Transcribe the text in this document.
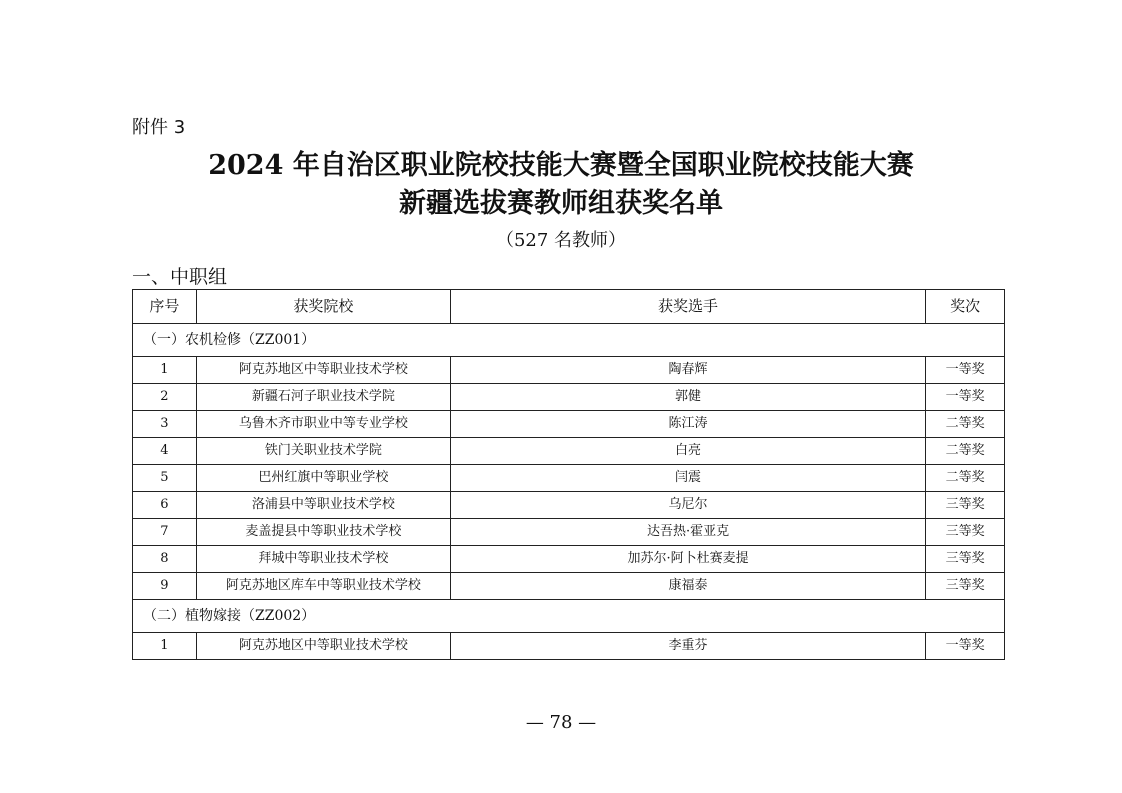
附件 3
2024 年自治区职业院校技能大赛暨全国职业院校技能大赛
新疆选拔赛教师组获奖名单
（527 名教师）
一、中职组
序号	获奖院校	获奖选手	奖次
（一）农机检修（ZZ001）			
1	阿克苏地区中等职业技术学校	陶春辉	一等奖
2	新疆石河子职业技术学院	郭健	一等奖
3	乌鲁木齐市职业中等专业学校	陈江涛	二等奖
4	铁门关职业技术学院	白亮	二等奖
5	巴州红旗中等职业学校	闫震	二等奖
6	洛浦县中等职业技术学校	乌尼尔	三等奖
7	麦盖提县中等职业技术学校	达吾热·霍亚克	三等奖
8	拜城中等职业技术学校	加苏尔·阿卜杜赛麦提	三等奖
9	阿克苏地区库车中等职业技术学校	康福泰	三等奖
（二）植物嫁接（ZZ002）			
1	阿克苏地区中等职业技术学校	李重芬	一等奖
— 78 —
